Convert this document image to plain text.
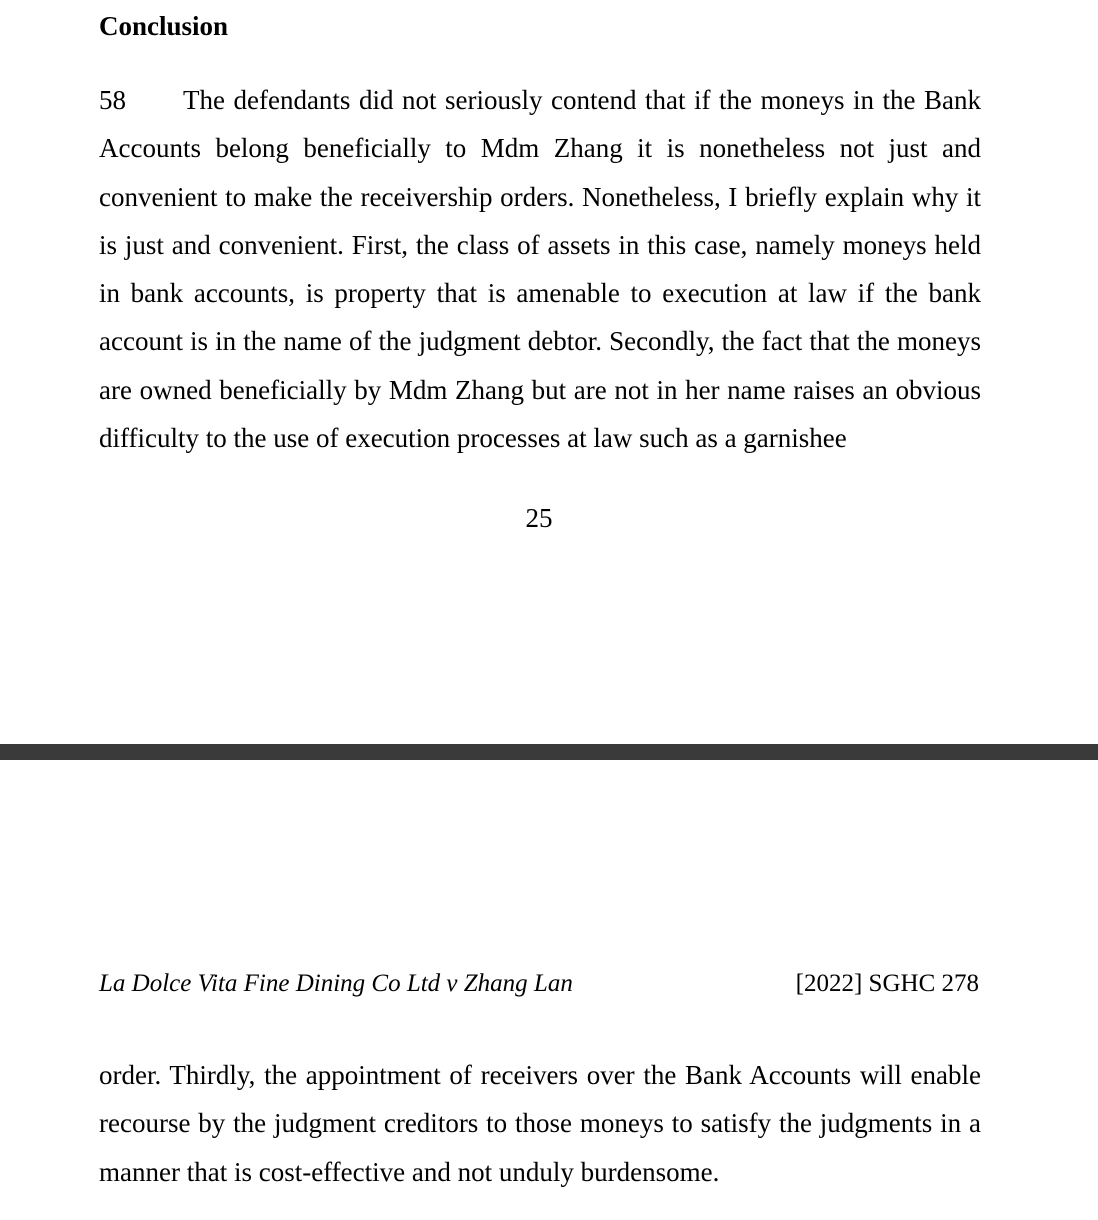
Conclusion

58 The defendants did not seriously contend that if the moneys in the Bank Accounts belong beneficially to Mdm Zhang it is nonetheless not just and convenient to make the receivership orders. Nonetheless, I briefly explain why it is just and convenient. First, the class of assets in this case, namely moneys held in bank accounts, is property that is amenable to execution at law if the bank account is in the name of the judgment debtor. Secondly, the fact that the moneys are owned beneficially by Mdm Zhang but are not in her name raises an obvious difficulty to the use of execution processes at law such as a garnishee

25
La Dolce Vita Fine Dining Co Ltd v Zhang Lan	[2022] SGHC 278

order. Thirdly, the appointment of receivers over the Bank Accounts will enable recourse by the judgment creditors to those moneys to satisfy the judgments in a manner that is cost-effective and not unduly burdensome.
